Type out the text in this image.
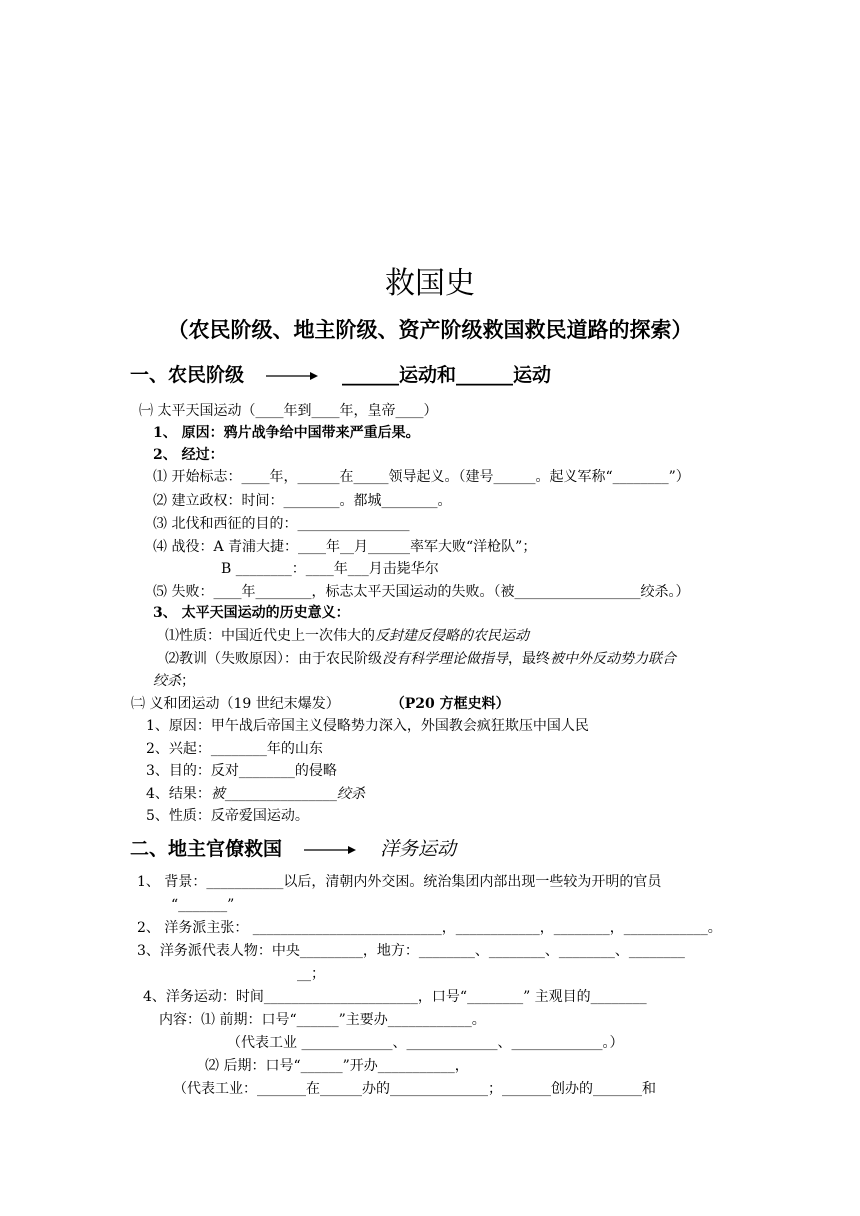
救国史
（农民阶级、地主阶级、资产阶级救国救民道路的探索）
一、农民阶级	______运动和______运动
㈠ 太平天国运动（____年到____年，皇帝____）
1、 原因：鸦片战争给中国带来严重后果。
2、 经过：
⑴ 开始标志：____年，______在_____领导起义。（建号______。起义军称“________”）
⑵ 建立政权：时间：________。都城________。
⑶ 北伐和西征的目的：________________
⑷ 战役：A 青浦大捷：____年__月______率军大败“洋枪队”；
B ________：____年___月击毙华尔
⑸ 失败：____年________，标志太平天国运动的失败。（被__________________绞杀。）
3、 太平天国运动的历史意义：
⑴性质：中国近代史上一次伟大的反封建反侵略的农民运动
⑵教训（失败原因）：由于农民阶级没有科学理论做指导，最终被中外反动势力联合
绞杀；
㈡ 义和团运动（19 世纪末爆发）	（P20 方框史料）
1、原因：甲午战后帝国主义侵略势力深入，外国教会疯狂欺压中国人民
2、兴起：________年的山东
3、目的：反对________的侵略
4、结果：被________________绞杀
5、性质：反帝爱国运动。
二、地主官僚救国	洋务运动
1、 背景：___________以后，清朝内外交困。统治集团内部出现一些较为开明的官员
“_______”
2、 洋务派主张： ___________________________，____________，________，____________。
3、洋务派代表人物：中央_________，地方：________、________、________、________
__；
4、洋务运动：时间______________________，口号“________” 主观目的________
内容：⑴ 前期：口号“______”主要办____________。
（代表工业 _____________、_____________、_____________。）
⑵ 后期：口号“______”开办___________，
（代表工业：_______在______办的______________；_______创办的_______和
